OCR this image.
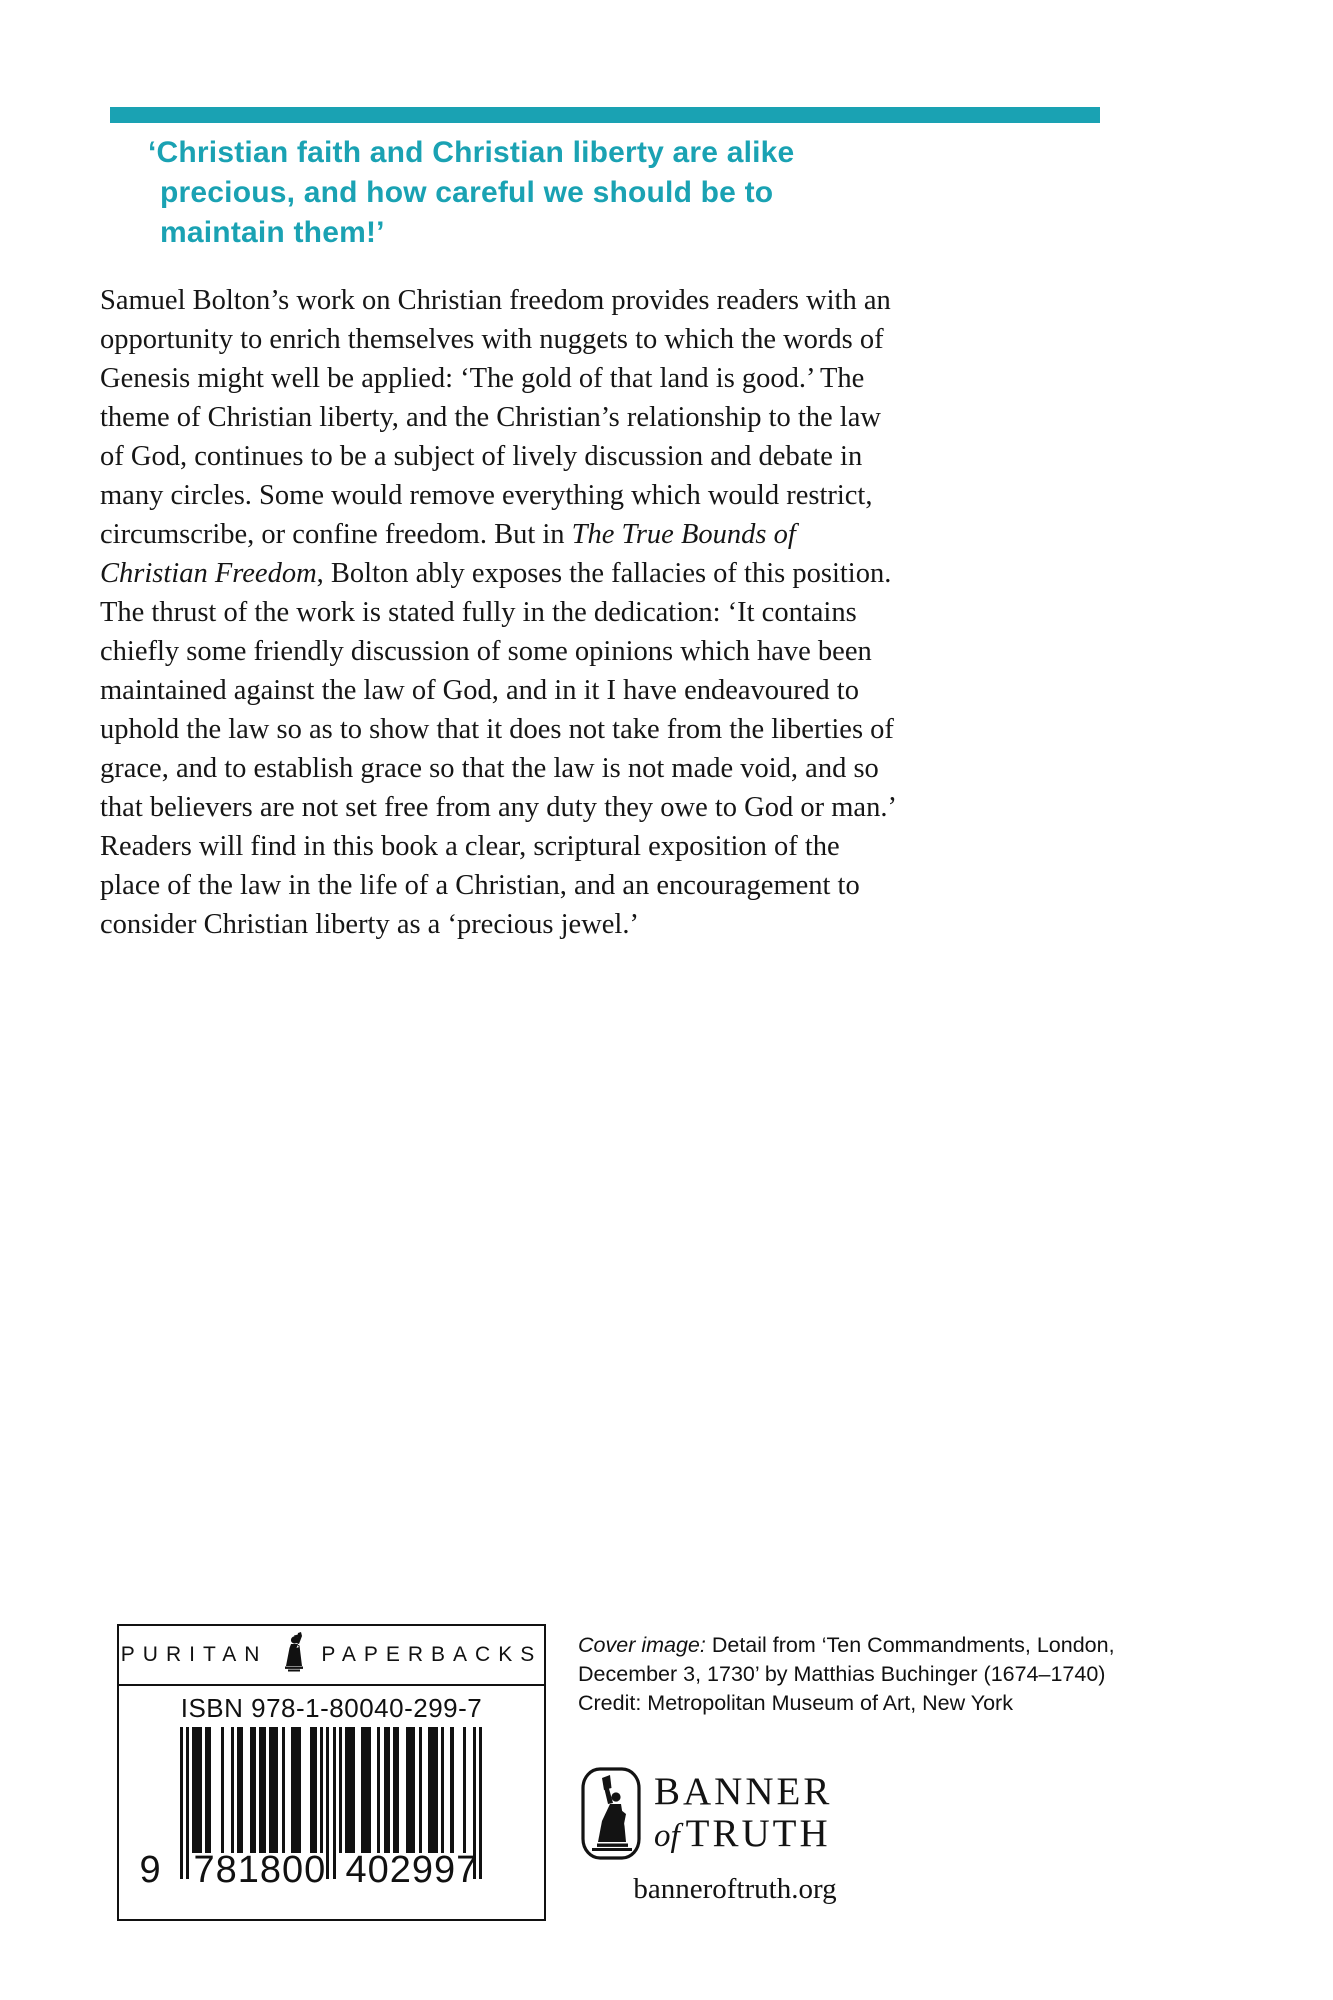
‘Christian faith and Christian liberty are alike
precious, and how careful we should be to
maintain them!’

Samuel Bolton’s work on Christian freedom provides readers with an opportunity to enrich themselves with nuggets to which the words of Genesis might well be applied: ‘The gold of that land is good.’ The theme of Christian liberty, and the Christian’s relationship to the law of God, continues to be a subject of lively discussion and debate in many circles. Some would remove everything which would restrict, circumscribe, or confine freedom. But in The True Bounds of Christian Freedom, Bolton ably exposes the fallacies of this position. The thrust of the work is stated fully in the dedication: ‘It contains chiefly some friendly discussion of some opinions which have been maintained against the law of God, and in it I have endeavoured to uphold the law so as to show that it does not take from the liberties of grace, and to establish grace so that the law is not made void, and so that believers are not set free from any duty they owe to God or man.’ Readers will find in this book a clear, scriptural exposition of the place of the law in the life of a Christian, and an encouragement to consider Christian liberty as a ‘precious jewel.’

PURITAN	PAPERBACKS
ISBN 978-1-80040-299-7
9 781800 402997
Cover image: Detail from ‘Ten Commandments, London,
December 3, 1730’ by Matthias Buchinger (1674–1740)
Credit: Metropolitan Museum of Art, New York
BANNER
of TRUTH
banneroftruth.org
